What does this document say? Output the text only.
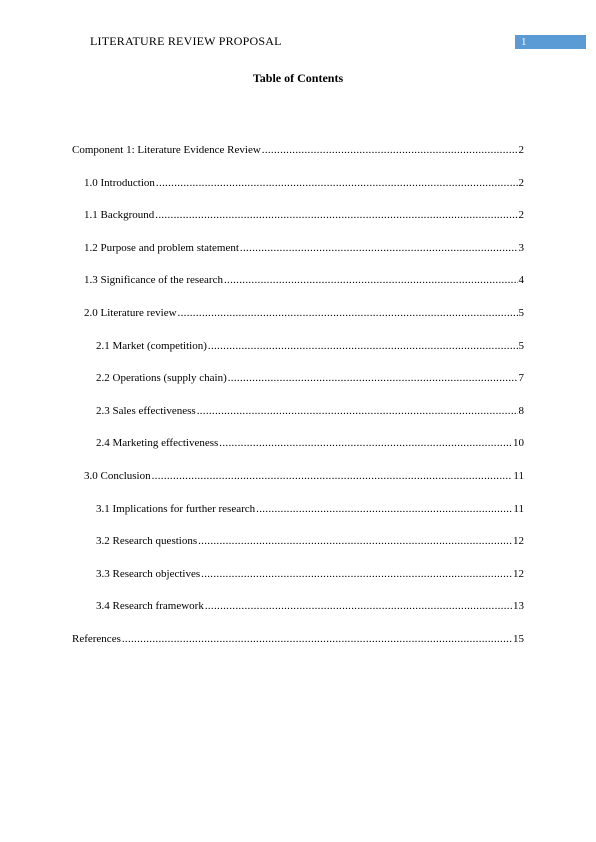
LITERATURE REVIEW PROPOSAL	1
Table of Contents
Component 1: Literature Evidence Review .....	2
1.0 Introduction .....	2
1.1 Background .....	2
1.2 Purpose and problem statement .....	3
1.3 Significance of the research .....	4
2.0 Literature review .....	5
2.1 Market (competition) .....	5
2.2 Operations (supply chain) .....	7
2.3 Sales effectiveness .....	8
2.4 Marketing effectiveness .....	10
3.0 Conclusion .....	11
3.1 Implications for further research .....	11
3.2 Research questions .....	12
3.3 Research objectives .....	12
3.4 Research framework .....	13
References .....	15
